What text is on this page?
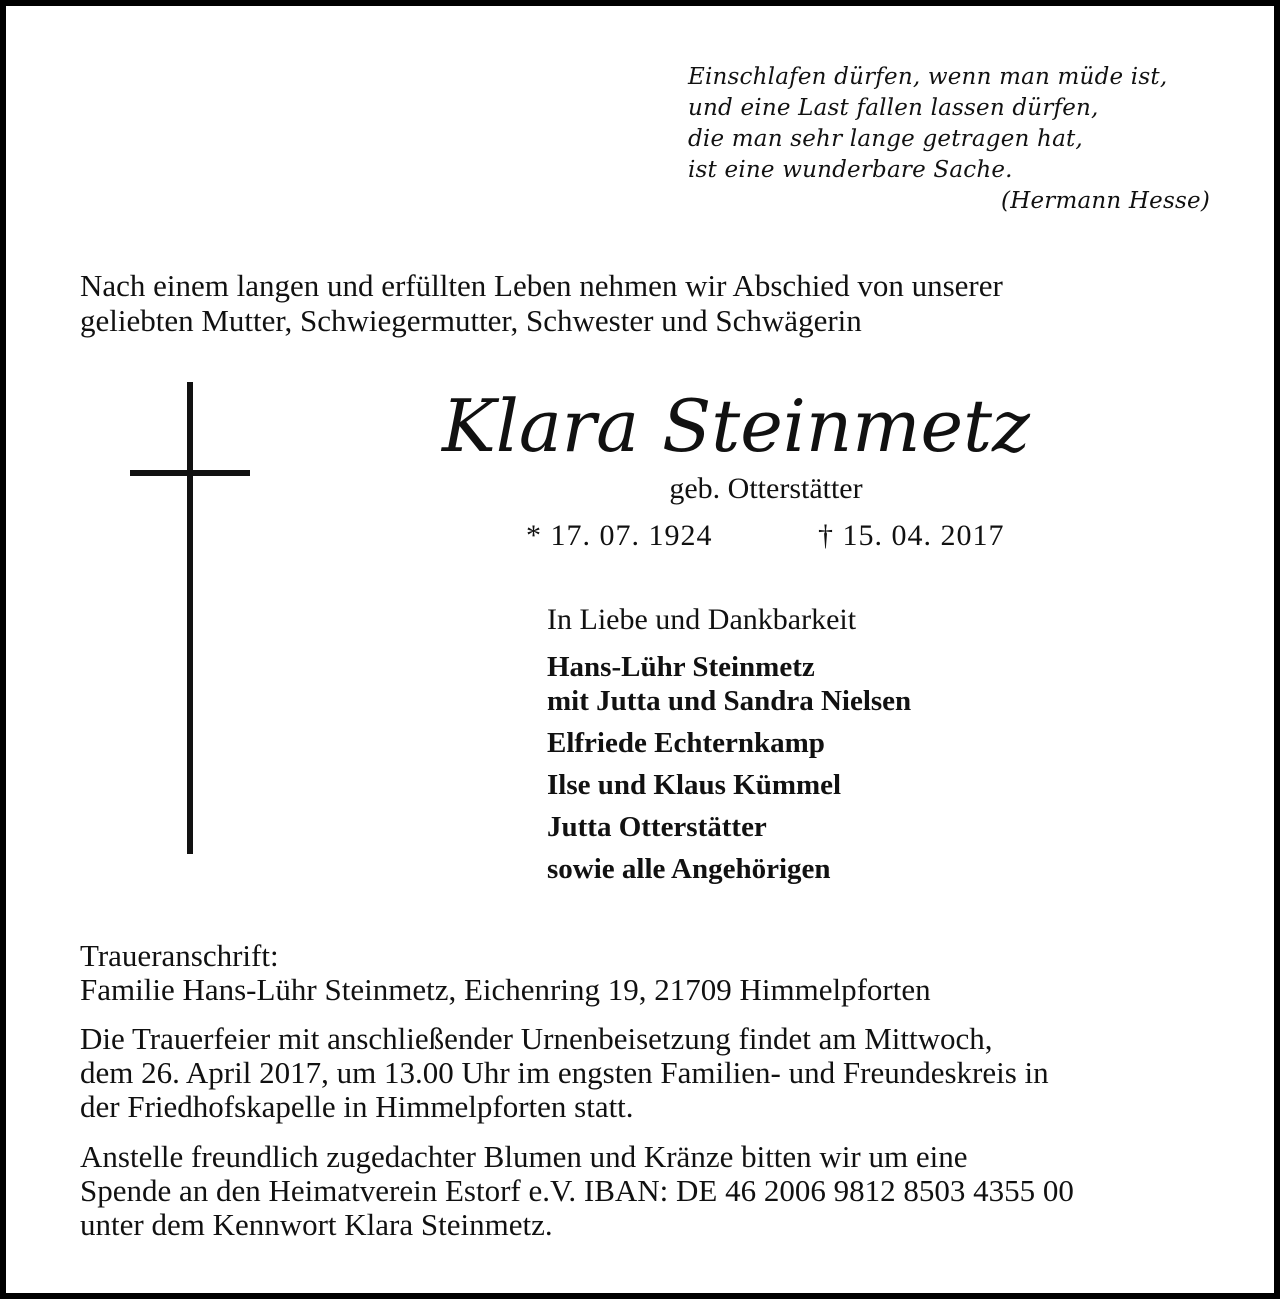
Einschlafen dürfen, wenn man müde ist,
und eine Last fallen lassen dürfen,
die man sehr lange getragen hat,
ist eine wunderbare Sache.
(Hermann Hesse)
Nach einem langen und erfüllten Leben nehmen wir Abschied von unserer
geliebten Mutter, Schwiegermutter, Schwester und Schwägerin
Klara Steinmetz
geb. Otterstätter
* 17. 07. 1924	† 15. 04. 2017
In Liebe und Dankbarkeit
Hans-Lühr Steinmetz
mit Jutta und Sandra Nielsen
Elfriede Echternkamp
Ilse und Klaus Kümmel
Jutta Otterstätter
sowie alle Angehörigen
Traueranschrift:
Familie Hans-Lühr Steinmetz, Eichenring 19, 21709 Himmelpforten
Die Trauerfeier mit anschließender Urnenbeisetzung findet am Mittwoch,
dem 26. April 2017, um 13.00 Uhr im engsten Familien- und Freundeskreis in
der Friedhofskapelle in Himmelpforten statt.
Anstelle freundlich zugedachter Blumen und Kränze bitten wir um eine
Spende an den Heimatverein Estorf e.V. IBAN: DE 46 2006 9812 8503 4355 00
unter dem Kennwort Klara Steinmetz.
